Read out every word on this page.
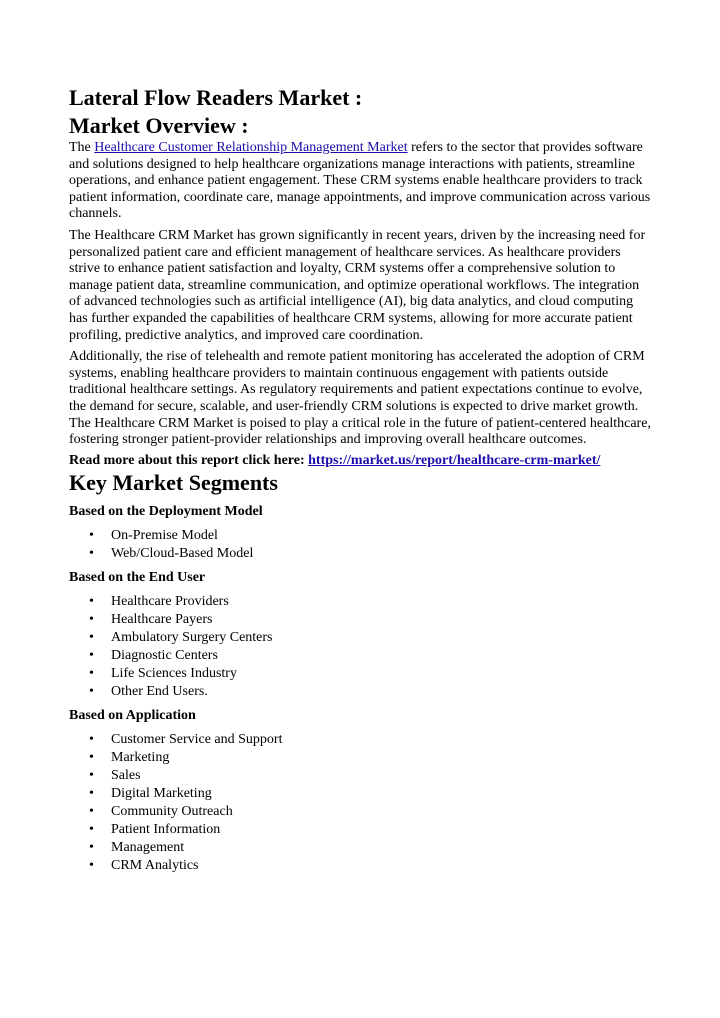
Lateral Flow Readers Market :
Market Overview :

The Healthcare Customer Relationship Management Market refers to the sector that provides software and solutions designed to help healthcare organizations manage interactions with patients, streamline operations, and enhance patient engagement. These CRM systems enable healthcare providers to track patient information, coordinate care, manage appointments, and improve communication across various channels.

The Healthcare CRM Market has grown significantly in recent years, driven by the increasing need for personalized patient care and efficient management of healthcare services. As healthcare providers strive to enhance patient satisfaction and loyalty, CRM systems offer a comprehensive solution to manage patient data, streamline communication, and optimize operational workflows. The integration of advanced technologies such as artificial intelligence (AI), big data analytics, and cloud computing has further expanded the capabilities of healthcare CRM systems, allowing for more accurate patient profiling, predictive analytics, and improved care coordination.

Additionally, the rise of telehealth and remote patient monitoring has accelerated the adoption of CRM systems, enabling healthcare providers to maintain continuous engagement with patients outside traditional healthcare settings. As regulatory requirements and patient expectations continue to evolve, the demand for secure, scalable, and user-friendly CRM solutions is expected to drive market growth. The Healthcare CRM Market is poised to play a critical role in the future of patient-centered healthcare, fostering stronger patient-provider relationships and improving overall healthcare outcomes.

Read more about this report click here: https://market.us/report/healthcare-crm-market/

Key Market Segments

Based on the Deployment Model

•	On-Premise Model
•	Web/Cloud-Based Model

Based on the End User

•	Healthcare Providers
•	Healthcare Payers
•	Ambulatory Surgery Centers
•	Diagnostic Centers
•	Life Sciences Industry
•	Other End Users.

Based on Application

•	Customer Service and Support
•	Marketing
•	Sales
•	Digital Marketing
•	Community Outreach
•	Patient Information
•	Management
•	CRM Analytics
